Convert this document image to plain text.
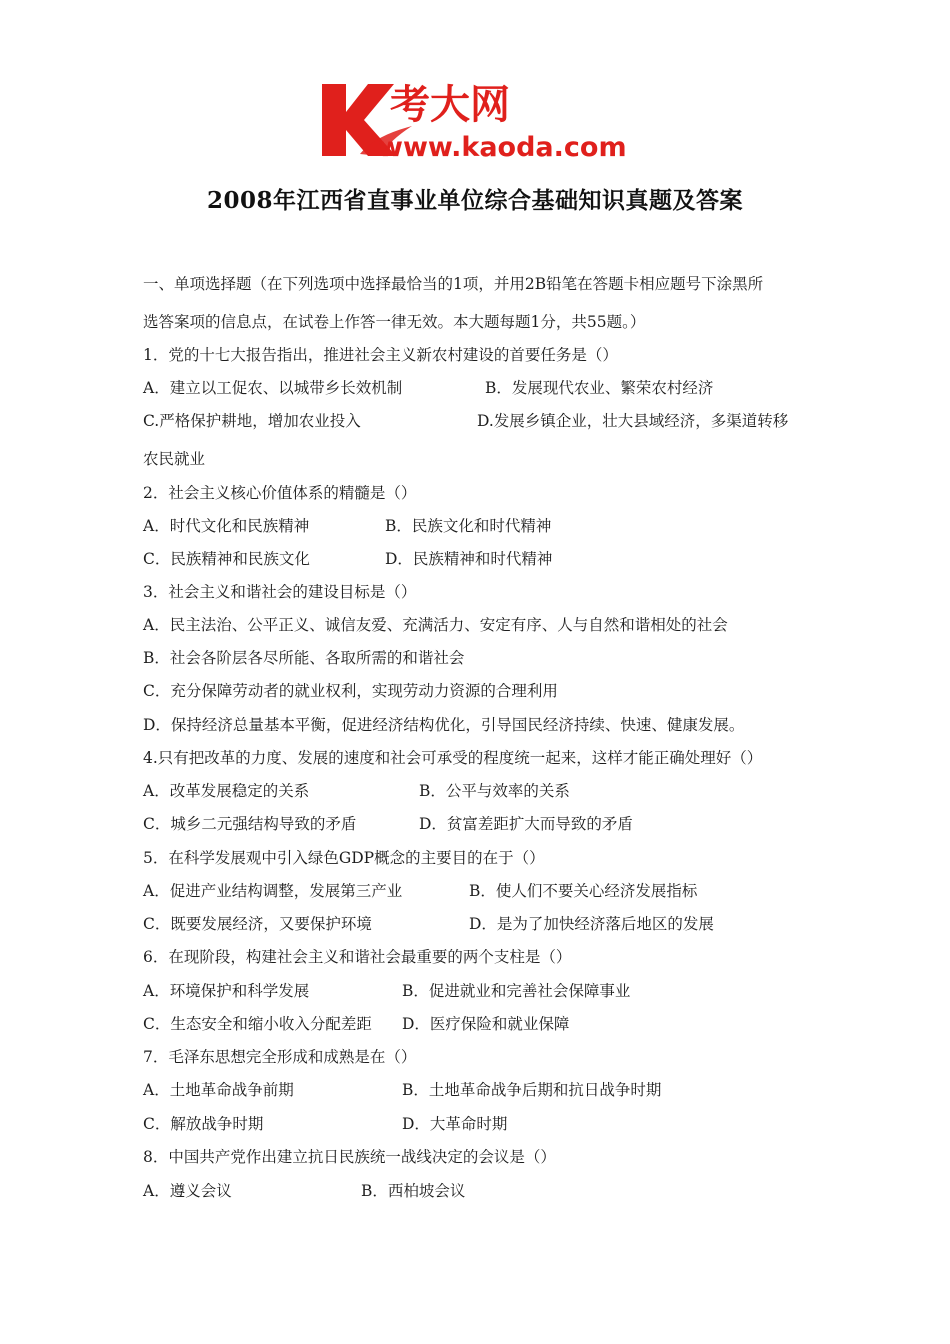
考大网
www.kaoda.com
2008年江西省直事业单位综合基础知识真题及答案
一、单项选择题（在下列选项中选择最恰当的1项，并用2B铅笔在答题卡相应题号下涂黑所
选答案项的信息点，在试卷上作答一律无效。本大题每题1分，共55题。）
1．党的十七大报告指出，推进社会主义新农村建设的首要任务是（）
A．建立以工促农、以城带乡长效机制	B．发展现代农业、繁荣农村经济
C.严格保护耕地，增加农业投入	D.发展乡镇企业，壮大县域经济，多渠道转移
农民就业
2．社会主义核心价值体系的精髓是（）
A．时代文化和民族精神	B．民族文化和时代精神
C．民族精神和民族文化	D．民族精神和时代精神
3．社会主义和谐社会的建设目标是（）
A．民主法治、公平正义、诚信友爱、充满活力、安定有序、人与自然和谐相处的社会
B．社会各阶层各尽所能、各取所需的和谐社会
C．充分保障劳动者的就业权利，实现劳动力资源的合理利用
D．保持经济总量基本平衡，促进经济结构优化，引导国民经济持续、快速、健康发展。
4.只有把改革的力度、发展的速度和社会可承受的程度统一起来，这样才能正确处理好（）
A．改革发展稳定的关系	B．公平与效率的关系
C．城乡二元强结构导致的矛盾	D．贫富差距扩大而导致的矛盾
5．在科学发展观中引入绿色GDP概念的主要目的在于（）
A．促进产业结构调整，发展第三产业	B．使人们不要关心经济发展指标
C．既要发展经济，又要保护环境	D．是为了加快经济落后地区的发展
6．在现阶段，构建社会主义和谐社会最重要的两个支柱是（）
A．环境保护和科学发展	B．促进就业和完善社会保障事业
C．生态安全和缩小收入分配差距 D．医疗保险和就业保障
7．毛泽东思想完全形成和成熟是在（）
A．土地革命战争前期	B．土地革命战争后期和抗日战争时期
C．解放战争时期	D．大革命时期
8．中国共产党作出建立抗日民族统一战线决定的会议是（）
A．遵义会议	B．西柏坡会议
